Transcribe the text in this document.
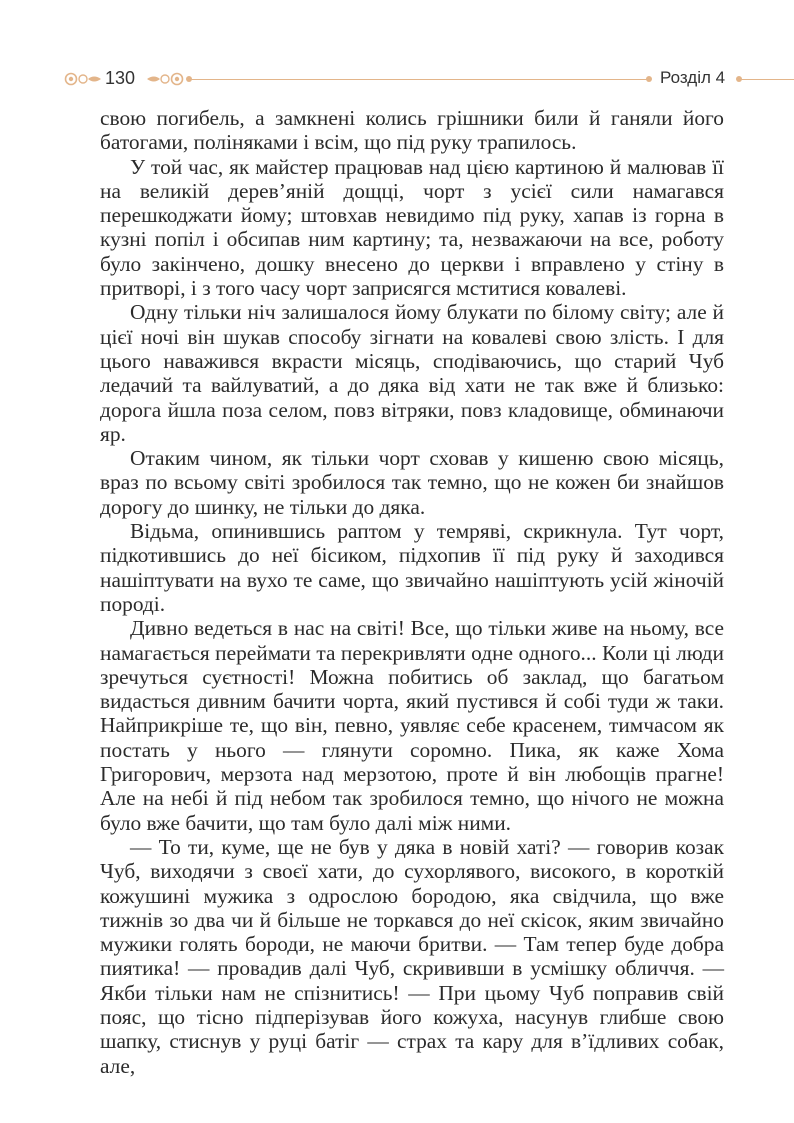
130	Розділ 4

свою погибель, а замкнені колись грішники били й ганяли його батогами, поліняками і всім, що під руку трапилось.

У той час, як майстер працював над цією картиною й малював її на великій дерев’яній дощці, чорт з усієї сили намагався перешкоджати йому; штовхав невидимо під руку, хапав із горна в кузні попіл і обсипав ним картину; та, незважаючи на все, роботу було закінчено, дошку внесено до церкви і вправлено у стіну в притворі, і з того часу чорт заприсягся мститися ковалеві.

Одну тільки ніч залишалося йому блукати по білому світу; але й цієї ночі він шукав способу зігнати на ковалеві свою злість. І для цього наважився вкрасти місяць, сподіваючись, що старий Чуб ледачий та вайлуватий, а до дяка від хати не так вже й близько: дорога йшла поза селом, повз вітряки, повз кладовище, обминаючи яр.

Отаким чином, як тільки чорт сховав у кишеню свою місяць, враз по всьому світі зробилося так темно, що не кожен би знайшов дорогу до шинку, не тільки до дяка.

Відьма, опинившись раптом у темряві, скрикнула. Тут чорт, підкотившись до неї бісиком, підхопив її під руку й заходився нашіптувати на вухо те саме, що звичайно нашіптують усій жіночій породі.

Дивно ведеться в нас на світі! Все, що тільки живе на ньому, все намагається переймати та перекривляти одне одного... Коли ці люди зречуться суєтності! Можна побитись об заклад, що багатьом видасться дивним бачити чорта, який пустився й собі туди ж таки. Найприкріше те, що він, певно, уявляє себе красенем, тимчасом як постать у нього — глянути соромно. Пика, як каже Хома Григорович, мерзота над мерзотою, проте й він любощів прагне! Але на небі й під небом так зробилося темно, що нічого не можна було вже бачити, що там було далі між ними.

— То ти, куме, ще не був у дяка в новій хаті? — говорив козак Чуб, виходячи з своєї хати, до сухорлявого, високого, в короткій кожушині мужика з одрослою бородою, яка свідчила, що вже тижнів зо два чи й більше не торкався до неї скісок, яким звичайно мужики голять бороди, не маючи бритви. — Там тепер буде добра пиятика! — провадив далі Чуб, скрививши в усмішку обличчя. — Якби тільки нам не спізнитись! — При цьому Чуб поправив свій пояс, що тісно підперізував його кожуха, насунув глибше свою шапку, стиснув у руці батіг — страх та кару для в’їдливих собак, але,
